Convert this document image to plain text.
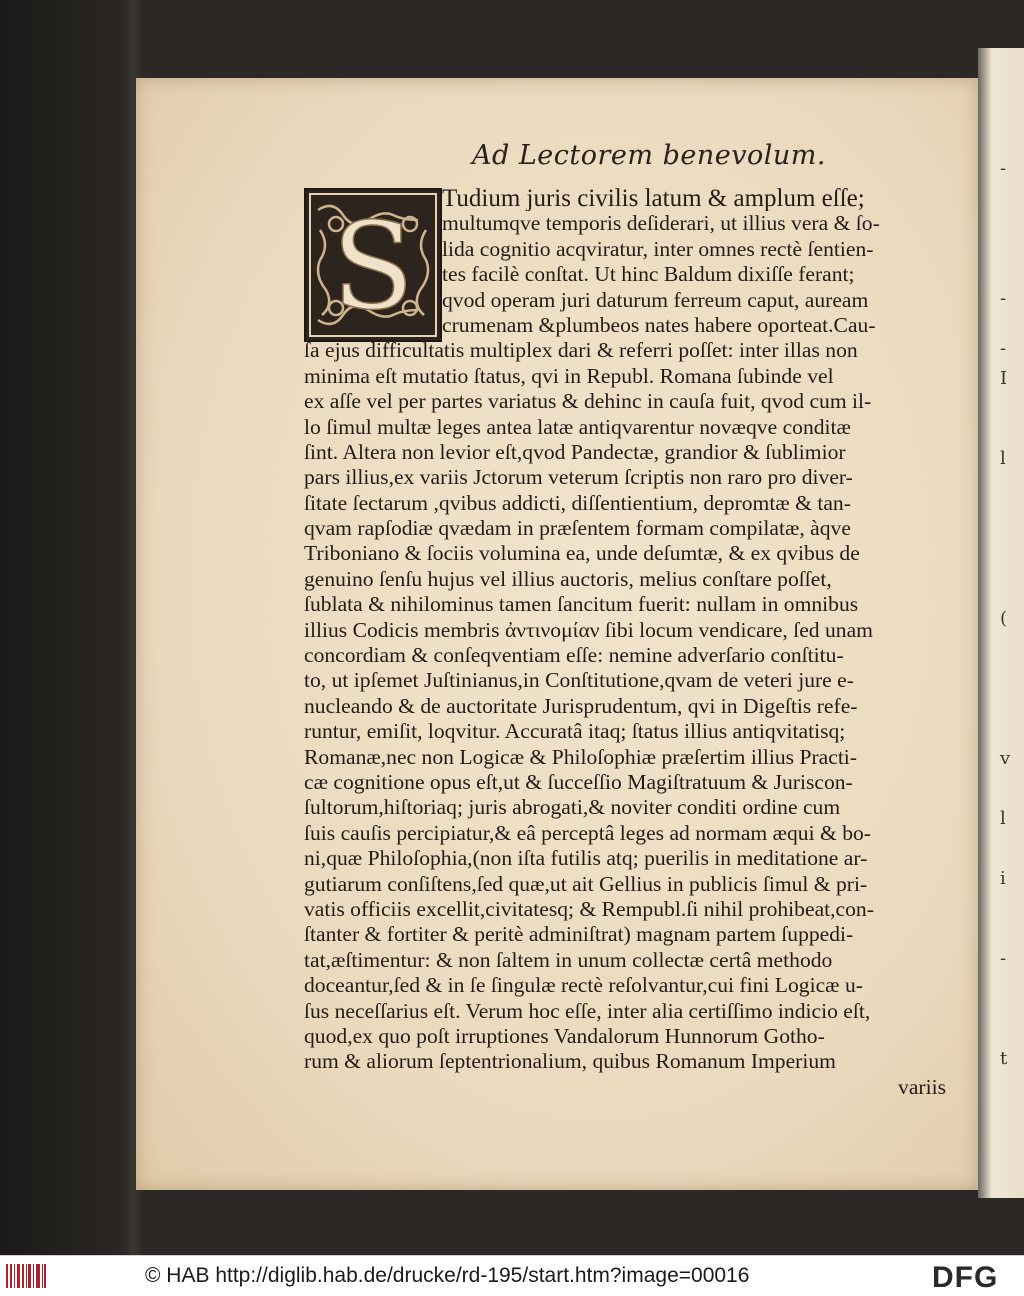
-
-
-
I
l
(
v
l
i
-
t
Ad Lectorem benevolum.
S	Tudium juris civilis latum & amplum eſſe;
multumqve temporis deſiderari, ut illius vera & ſo-
lida cognitio acqviratur, inter omnes rectè ſentien-
tes facilè conſtat. Ut hinc Baldum dixiſſe ferant;
qvod operam juri daturum ferreum caput, auream
crumenam &plumbeos nates habere oporteat.Cau-
ſa ejus difficultatis multiplex dari & referri poſſet: inter illas non
minima eſt mutatio ſtatus, qvi in Republ. Romana ſubinde vel
ex aſſe vel per partes variatus & dehinc in cauſa fuit, qvod cum il-
lo ſimul multæ leges antea latæ antiqvarentur novæqve conditæ
ſint. Altera non levior eſt,qvod Pandectæ, grandior & ſublimior
pars illius,ex variis Jctorum veterum ſcriptis non raro pro diver-
ſitate ſectarum ,qvibus addicti, diſſentientium, depromtæ & tan-
qvam rapſodiæ qvædam in præſentem formam compilatæ, àqve
Triboniano & ſociis volumina ea, unde deſumtæ, & ex qvibus de
genuino ſenſu hujus vel illius auctoris, melius conſtare poſſet,
ſublata & nihilominus tamen ſancitum fuerit: nullam in omnibus
illius Codicis membris ἀντινομίαν ſibi locum vendicare, ſed unam
concordiam & conſeqventiam eſſe: nemine adverſario conſtitu-
to, ut ipſemet Juſtinianus,in Conſtitutione,qvam de veteri jure e-
nucleando & de auctoritate Jurisprudentum, qvi in Digeſtis refe-
runtur, emiſit, loqvitur. Accuratâ itaq; ſtatus illius antiqvitatisq;
Romanæ,nec non Logicæ & Philoſophiæ præſertim illius Practi-
cæ cognitione opus eſt,ut & ſucceſſio Magiſtratuum & Juriscon-
ſultorum,hiſtoriaq; juris abrogati,& noviter conditi ordine cum
ſuis cauſis percipiatur,& eâ perceptâ leges ad normam æqui & bo-
ni,quæ Philoſophia,(non iſta futilis atq; puerilis in meditatione ar-
gutiarum conſiſtens,ſed quæ,ut ait Gellius in publicis ſimul & pri-
vatis officiis excellit,civitatesq; & Rempubl.ſi nihil prohibeat,con-
ſtanter & fortiter & peritè adminiſtrat) magnam partem ſuppedi-
tat,æſtimentur: & non ſaltem in unum collectæ certâ methodo
doceantur,ſed & in ſe ſingulæ rectè reſolvantur,cui fini Logicæ u-
ſus neceſſarius eſt. Verum hoc eſſe, inter alia certiſſimo indicio eſt,
quod,ex quo poſt irruptiones Vandalorum Hunnorum Gotho-
rum & aliorum ſeptentrionalium, quibus Romanum Imperium
variis
© HAB http://diglib.hab.de/drucke/rd-195/start.htm?image=00016	DFG
